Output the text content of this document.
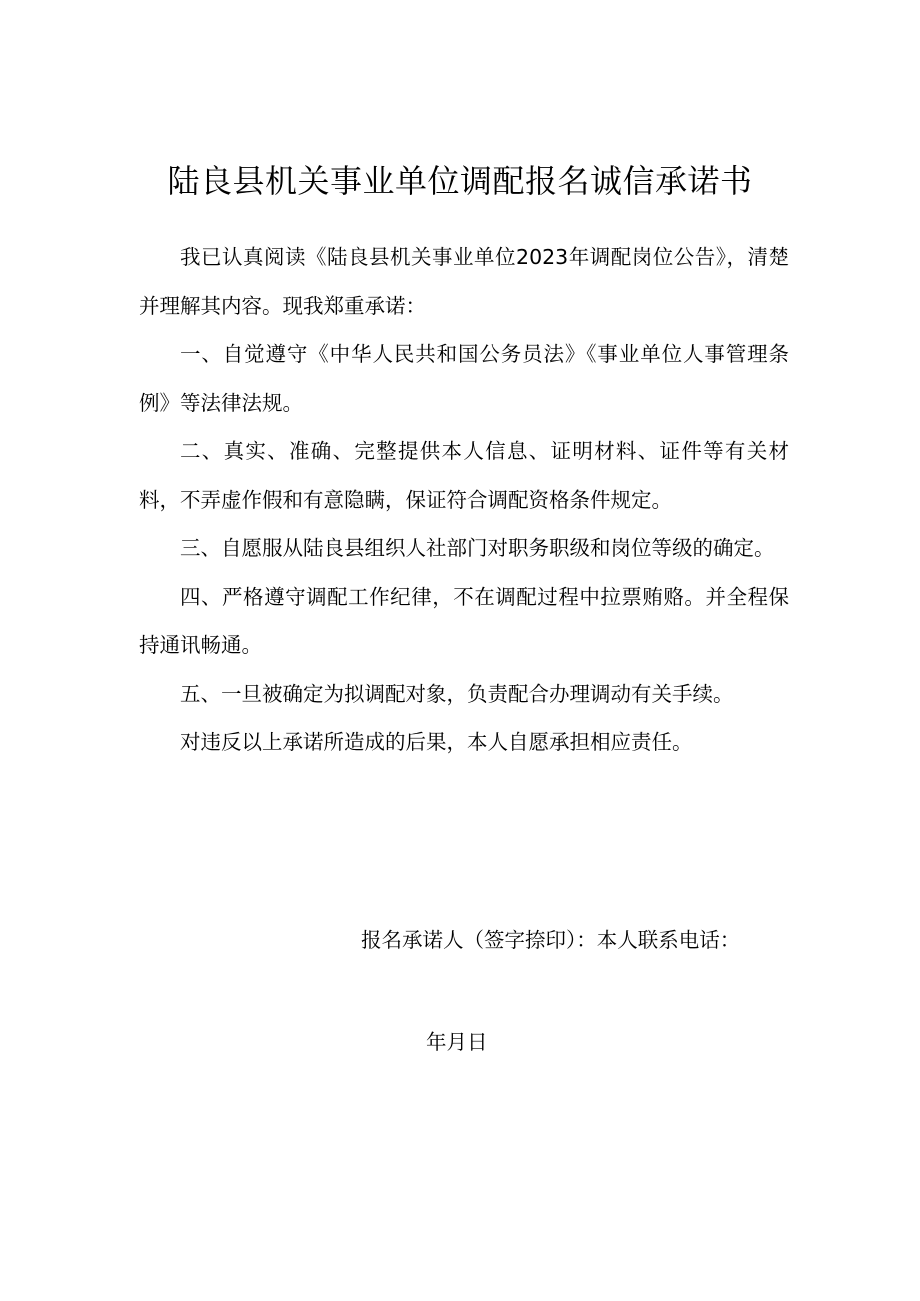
陆良县机关事业单位调配报名诚信承诺书

我已认真阅读《陆良县机关事业单位2023年调配岗位公告》，清楚并理解其内容。现我郑重承诺：

一、自觉遵守《中华人民共和国公务员法》《事业单位人事管理条例》等法律法规。

二、真实、准确、完整提供本人信息、证明材料、证件等有关材料，不弄虚作假和有意隐瞒，保证符合调配资格条件规定。

三、自愿服从陆良县组织人社部门对职务职级和岗位等级的确定。

四、严格遵守调配工作纪律，不在调配过程中拉票贿赂。并全程保持通讯畅通。

五、一旦被确定为拟调配对象，负责配合办理调动有关手续。

对违反以上承诺所造成的后果，本人自愿承担相应责任。

报名承诺人（签字捺印）：本人联系电话：

年月日
